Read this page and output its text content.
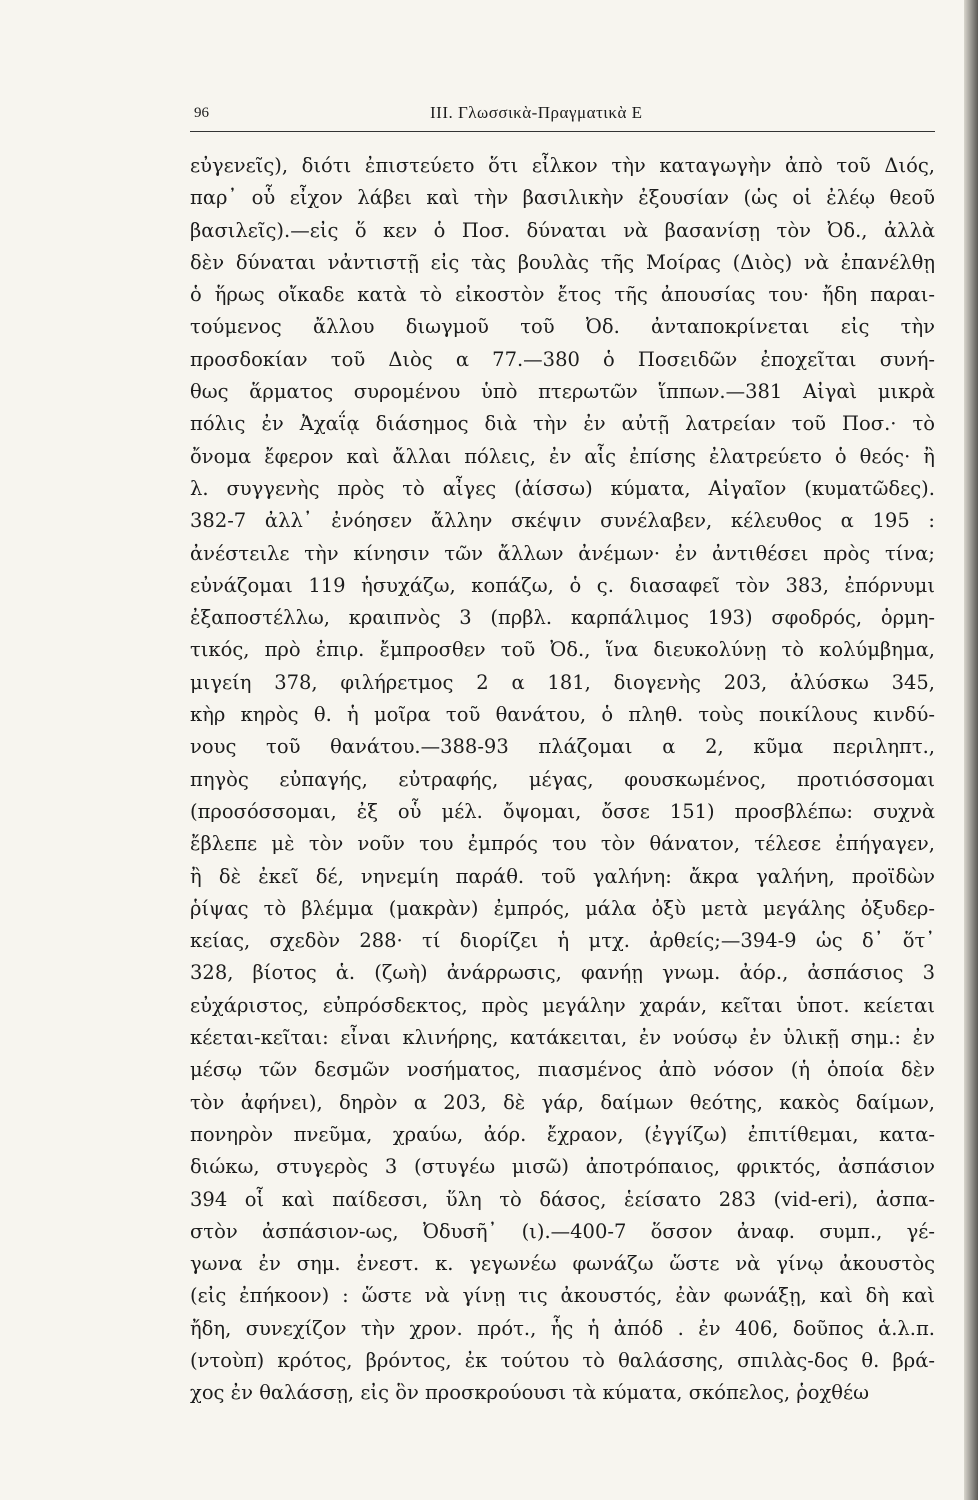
96	III. Γλωσσικὰ-Πραγματικὰ Ε
εὐγενεῖς), διότι ἐπιστεύετο ὅτι εἶλκον τὴν καταγωγὴν ἀπὸ τοῦ Διός,
παρ᾽ οὗ εἶχον λάβει καὶ τὴν βασιλικὴν ἐξουσίαν (ὡς οἱ ἐλέῳ θεοῦ
βασιλεῖς).—εἰς ὅ κεν ὁ Ποσ. δύναται νὰ βασανίσῃ τὸν Ὀδ., ἀλλὰ
δὲν δύναται νἀντιστῇ εἰς τὰς βουλὰς τῆς Μοίρας (Διὸς) νὰ ἐπανέλθῃ
ὁ ἥρως οἴκαδε κατὰ τὸ εἰκοστὸν ἔτος τῆς ἀπουσίας του· ἤδη παραι-
τούμενος ἄλλου διωγμοῦ τοῦ Ὀδ. ἀνταποκρίνεται εἰς τὴν
προσδοκίαν τοῦ Διὸς α 77.—380 ὁ Ποσειδῶν ἐποχεῖται συνή-
θως ἅρματος συρομένου ὑπὸ πτερωτῶν ἵππων.—381 Αἰγαὶ μικρὰ
πόλις ἐν Ἀχαΐᾳ διάσημος διὰ τὴν ἐν αὐτῇ λατρείαν τοῦ Ποσ.· τὸ
ὄνομα ἔφερον καὶ ἄλλαι πόλεις, ἐν αἷς ἐπίσης ἐλατρεύετο ὁ θεός· ἢ
λ. συγγενὴς πρὸς τὸ αἶγες (ἀίσσω) κύματα, Αἰγαῖον (κυματῶδες).
382-7 ἀλλ᾽ ἐνόησεν ἄλλην σκέψιν συνέλαβεν, κέλευθος α 195 :
ἀνέστειλε τὴν κίνησιν τῶν ἄλλων ἀνέμων· ἐν ἀντιθέσει πρὸς τίνα;
εὐνάζομαι 119 ἡσυχάζω, κοπάζω, ὁ ς. διασαφεῖ τὸν 383, ἐπόρνυμι
ἐξαποστέλλω, κραιπνὸς 3 (πρβλ. καρπάλιμος 193) σφοδρός, ὁρμη-
τικός, πρὸ ἐπιρ. ἔμπροσθεν τοῦ Ὀδ., ἵνα διευκολύνῃ τὸ κολύμβημα,
μιγείη 378, φιλήρετμος 2 α 181, διογενὴς 203, ἀλύσκω 345,
κὴρ κηρὸς θ. ἡ μοῖρα τοῦ θανάτου, ὁ πληθ. τοὺς ποικίλους κινδύ-
νους τοῦ θανάτου.—388-93 πλάζομαι α 2, κῦμα περιληπτ.,
πηγὸς εὐπαγής, εὐτραφής, μέγας, φουσκωμένος, προτιόσσομαι
(προσόσσομαι, ἐξ οὗ μέλ. ὄψομαι, ὄσσε 151) προσβλέπω: συχνὰ
ἔβλεπε μὲ τὸν νοῦν του ἐμπρός του τὸν θάνατον, τέλεσε ἐπήγαγεν,
ἢ δὲ ἐκεῖ δέ, νηνεμίη παράθ. τοῦ γαλήνη: ἄκρα γαλήνη, προϊδὼν
ῥίψας τὸ βλέμμα (μακρὰν) ἐμπρός, μάλα ὀξὺ μετὰ μεγάλης ὀξυδερ-
κείας, σχεδὸν 288· τί διορίζει ἡ μτχ. ἀρθείς;—394-9 ὡς δ᾽ ὅτ᾽
328, βίοτος ἁ. (ζωὴ) ἀνάρρωσις, φανήῃ γνωμ. ἀόρ., ἀσπάσιος 3
εὐχάριστος, εὐπρόσδεκτος, πρὸς μεγάλην χαράν, κεῖται ὑποτ. κείεται
κέεται-κεῖται: εἶναι κλινήρης, κατάκειται, ἐν νούσῳ ἐν ὑλικῇ σημ.: ἐν
μέσῳ τῶν δεσμῶν νοσήματος, πιασμένος ἀπὸ νόσον (ἡ ὁποία δὲν
τὸν ἀφήνει), δηρὸν α 203, δὲ γάρ, δαίμων θεότης, κακὸς δαίμων,
πονηρὸν πνεῦμα, χραύω, ἀόρ. ἔχραον, (ἐγγίζω) ἐπιτίθεμαι, κατα-
διώκω, στυγερὸς 3 (στυγέω μισῶ) ἀποτρόπαιος, φρικτός, ἀσπάσιον
394 οἷ καὶ παίδεσσι, ὕλη τὸ δάσος, ἑείσατο 283 (vid-eri), ἀσπα-
στὸν ἀσπάσιον-ως, Ὀδυσῆ᾽ (ι).—400-7 ὅσσον ἀναφ. συμπ., γέ-
γωνα ἐν σημ. ἐνεστ. κ. γεγωνέω φωνάζω ὥστε νὰ γίνῳ ἀκουστὸς
(εἰς ἐπήκοον) : ὥστε νὰ γίνῃ τις ἀκουστός, ἐὰν φωνάξῃ, καὶ δὴ καὶ
ἤδη, συνεχίζον τὴν χρον. πρότ., ἧς ἡ ἀπόδ . ἐν 406, δοῦπος ἁ.λ.π.
(ντοὺπ) κρότος, βρόντος, ἐκ τούτου τὸ θαλάσσης, σπιλὰς-δος θ. βρά-
χος ἐν θαλάσσῃ, εἰς ὃν προσκρούουσι τὰ κύματα, σκόπελος, ῥοχθέω
